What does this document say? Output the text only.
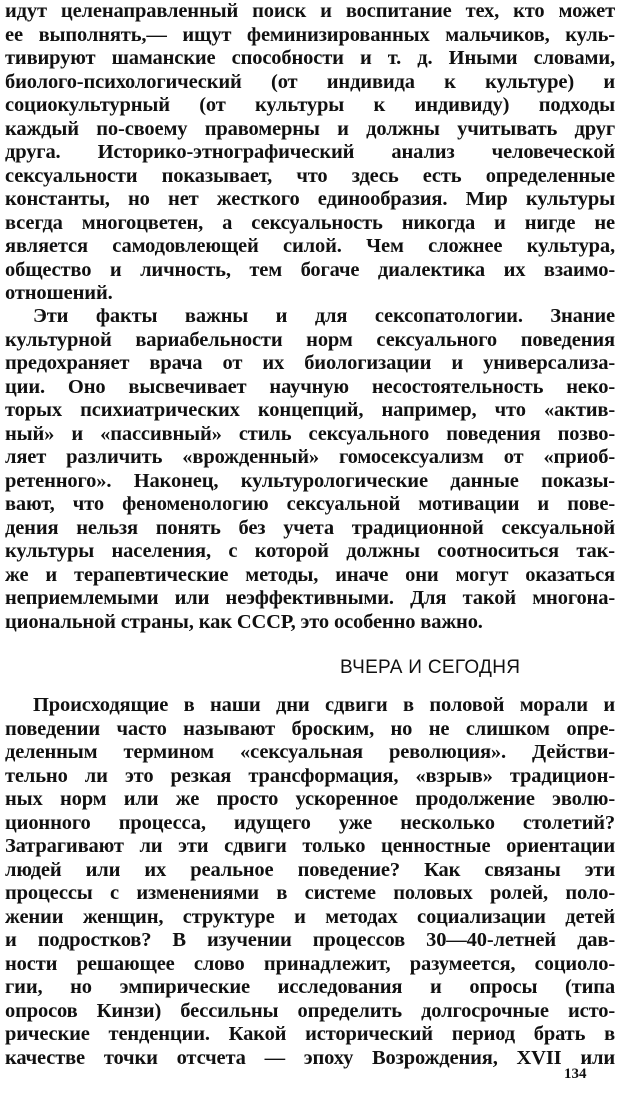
идут целенаправленный поиск и воспитание тех, кто может
ее выполнять,— ищут феминизированных мальчиков, куль-
тивируют шаманские способности и т. д. Иными словами,
биолого-психологический (от индивида к культуре) и
социокультурный (от культуры к индивиду) подходы
каждый по-своему правомерны и должны учитывать друг
друга. Историко-этнографический анализ человеческой
сексуальности показывает, что здесь есть определенные
константы, но нет жесткого единообразия. Мир культуры
всегда многоцветен, а сексуальность никогда и нигде не
является самодовлеющей силой. Чем сложнее культура,
общество и личность, тем богаче диалектика их взаимо-
отношений.
Эти факты важны и для сексопатологии. Знание
культурной вариабельности норм сексуального поведения
предохраняет врача от их биологизации и универсализа-
ции. Оно высвечивает научную несостоятельность неко-
торых психиатрических концепций, например, что «актив-
ный» и «пассивный» стиль сексуального поведения позво-
ляет различить «врожденный» гомосексуализм от «приоб-
ретенного». Наконец, культурологические данные показы-
вают, что феноменологию сексуальной мотивации и пове-
дения нельзя понять без учета традиционной сексуальной
культуры населения, с которой должны соотноситься так-
же и терапевтические методы, иначе они могут оказаться
неприемлемыми или неэффективными. Для такой многона-
циональной страны, как СССР, это особенно важно.
ВЧЕРА И СЕГОДНЯ
Происходящие в наши дни сдвиги в половой морали и
поведении часто называют броским, но не слишком опре-
деленным термином «сексуальная революция». Действи-
тельно ли это резкая трансформация, «взрыв» традицион-
ных норм или же просто ускоренное продолжение эволю-
ционного процесса, идущего уже несколько столетий?
Затрагивают ли эти сдвиги только ценностные ориентации
людей или их реальное поведение? Как связаны эти
процессы с изменениями в системе половых ролей, поло-
жении женщин, структуре и методах социализации детей
и подростков? В изучении процессов 30—40-летней дав-
ности решающее слово принадлежит, разумеется, социоло-
гии, но эмпирические исследования и опросы (типа
опросов Кинзи) бессильны определить долгосрочные исто-
рические тенденции. Какой исторический период брать в
качестве точки отсчета — эпоху Возрождения, XVII или
134
